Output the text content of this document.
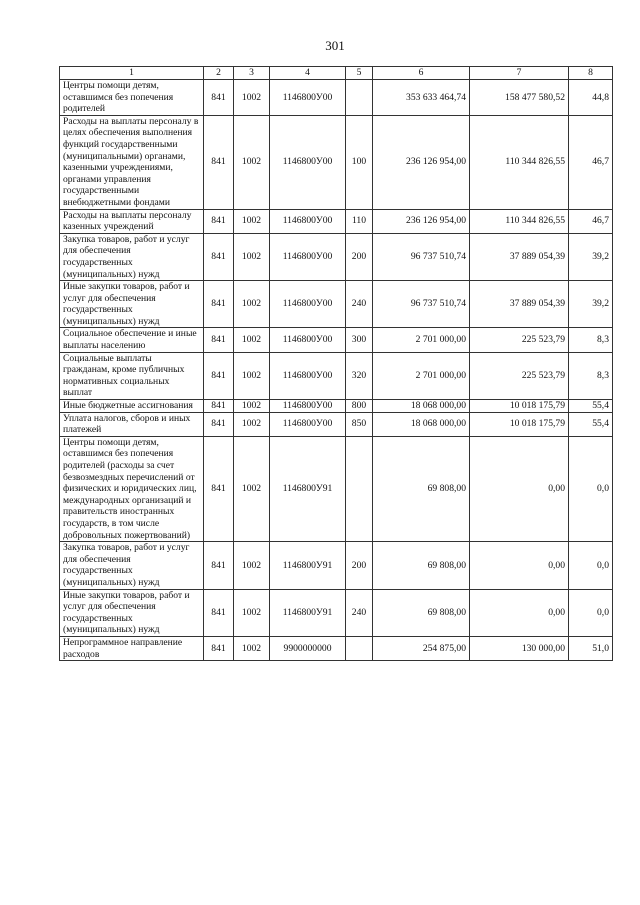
301
1	2	3	4	5	6	7	8
Центры помощи детям, оставшимся без попечения родителей	841	1002	1146800У00		353 633 464,74	158 477 580,52	44,8
Расходы на выплаты персоналу в целях обеспечения выполнения функций государственными (муниципальными) органами, казенными учреждениями, органами управления государственными внебюджетными фондами	841	1002	1146800У00	100	236 126 954,00	110 344 826,55	46,7
Расходы на выплаты персоналу казенных учреждений	841	1002	1146800У00	110	236 126 954,00	110 344 826,55	46,7
Закупка товаров, работ и услуг для обеспечения государственных (муниципальных) нужд	841	1002	1146800У00	200	96 737 510,74	37 889 054,39	39,2
Иные закупки товаров, работ и услуг для обеспечения государственных (муниципальных) нужд	841	1002	1146800У00	240	96 737 510,74	37 889 054,39	39,2
Социальное обеспечение и иные выплаты населению	841	1002	1146800У00	300	2 701 000,00	225 523,79	8,3
Социальные выплаты гражданам, кроме публичных нормативных социальных выплат	841	1002	1146800У00	320	2 701 000,00	225 523,79	8,3
Иные бюджетные ассигнования	841	1002	1146800У00	800	18 068 000,00	10 018 175,79	55,4
Уплата налогов, сборов и иных платежей	841	1002	1146800У00	850	18 068 000,00	10 018 175,79	55,4
Центры помощи детям, оставшимся без попечения родителей (расходы за счет безвозмездных перечислений от физических и юридических лиц, международных организаций и правительств иностранных государств, в том числе добровольных пожертвований)	841	1002	1146800У91		69 808,00	0,00	0,0
Закупка товаров, работ и услуг для обеспечения государственных (муниципальных) нужд	841	1002	1146800У91	200	69 808,00	0,00	0,0
Иные закупки товаров, работ и услуг для обеспечения государственных (муниципальных) нужд	841	1002	1146800У91	240	69 808,00	0,00	0,0
Непрограммное направление расходов	841	1002	9900000000		254 875,00	130 000,00	51,0
